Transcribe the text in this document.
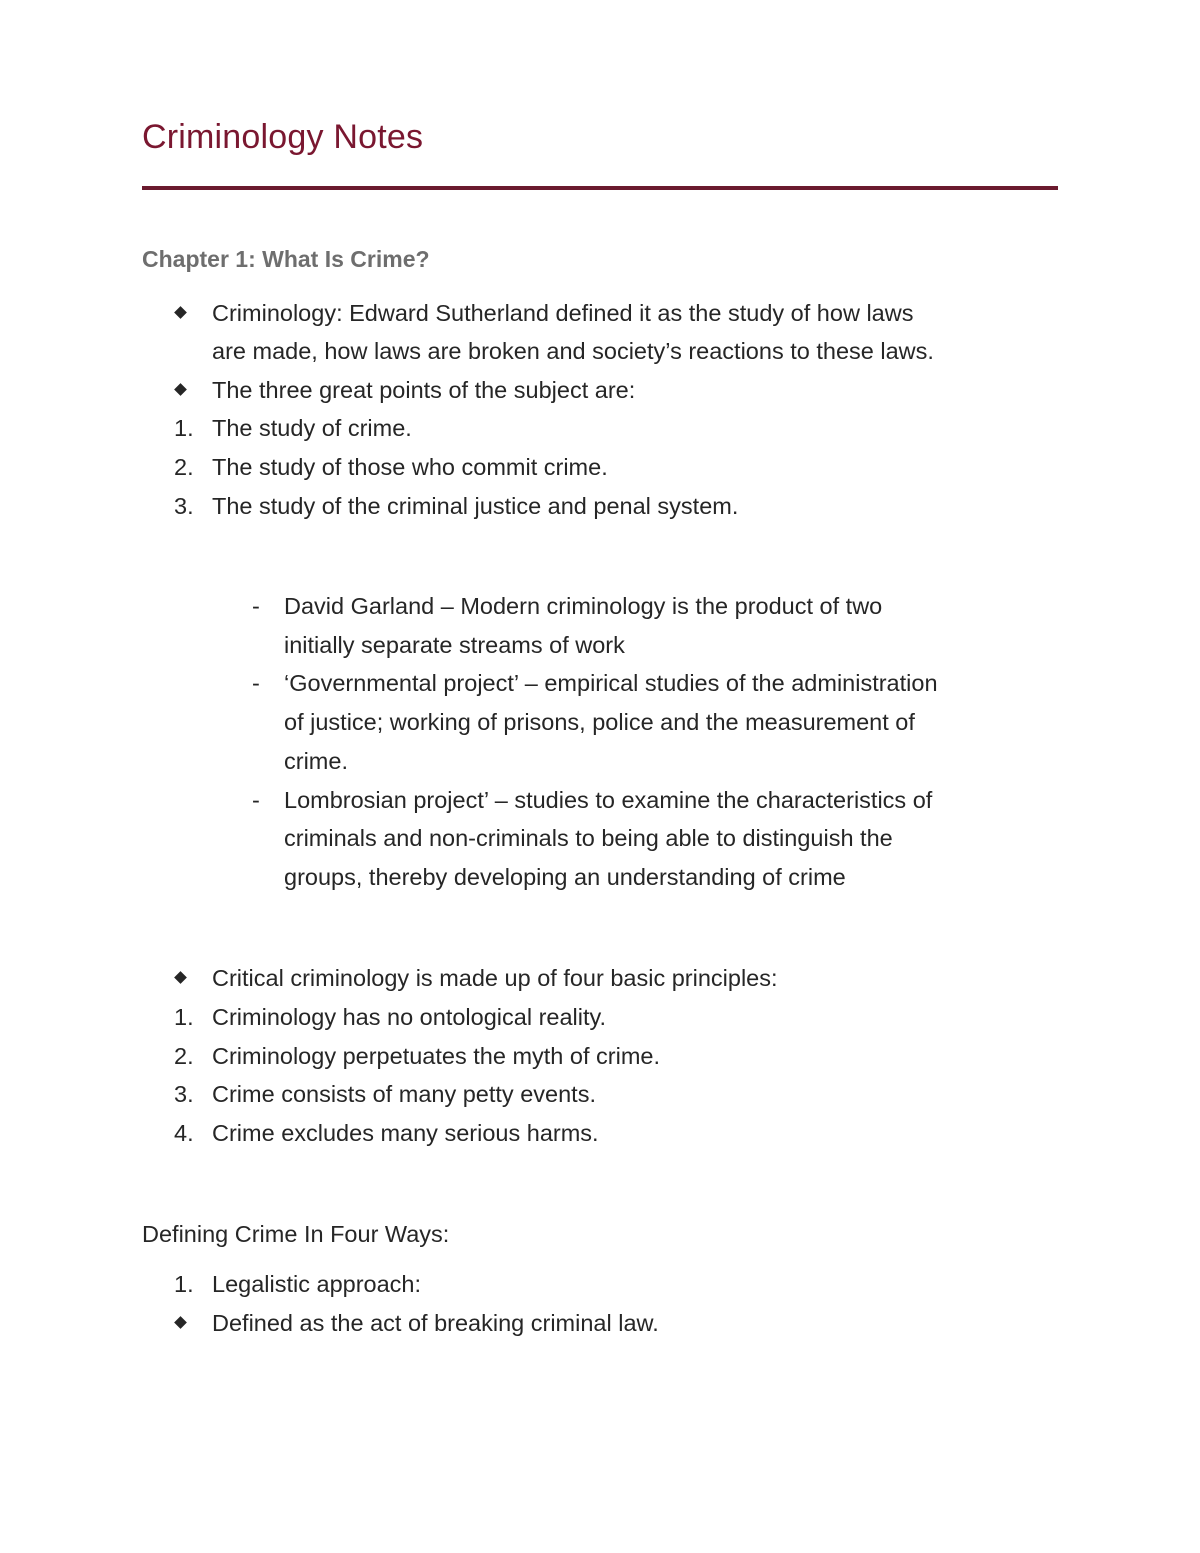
Criminology Notes
Chapter 1: What Is Crime?
Criminology: Edward Sutherland defined it as the study of how laws
are made, how laws are broken and society’s reactions to these laws.
The three great points of the subject are:
1. The study of crime.
2. The study of those who commit crime.
3. The study of the criminal justice and penal system.
- David Garland – Modern criminology is the product of two
initially separate streams of work
- ‘Governmental project’ – empirical studies of the administration
of justice; working of prisons, police and the measurement of
crime.
- Lombrosian project’ – studies to examine the characteristics of
criminals and non-criminals to being able to distinguish the
groups, thereby developing an understanding of crime
Critical criminology is made up of four basic principles:
1. Criminology has no ontological reality.
2. Criminology perpetuates the myth of crime.
3. Crime consists of many petty events.
4. Crime excludes many serious harms.
Defining Crime In Four Ways:
1. Legalistic approach:
Defined as the act of breaking criminal law.
